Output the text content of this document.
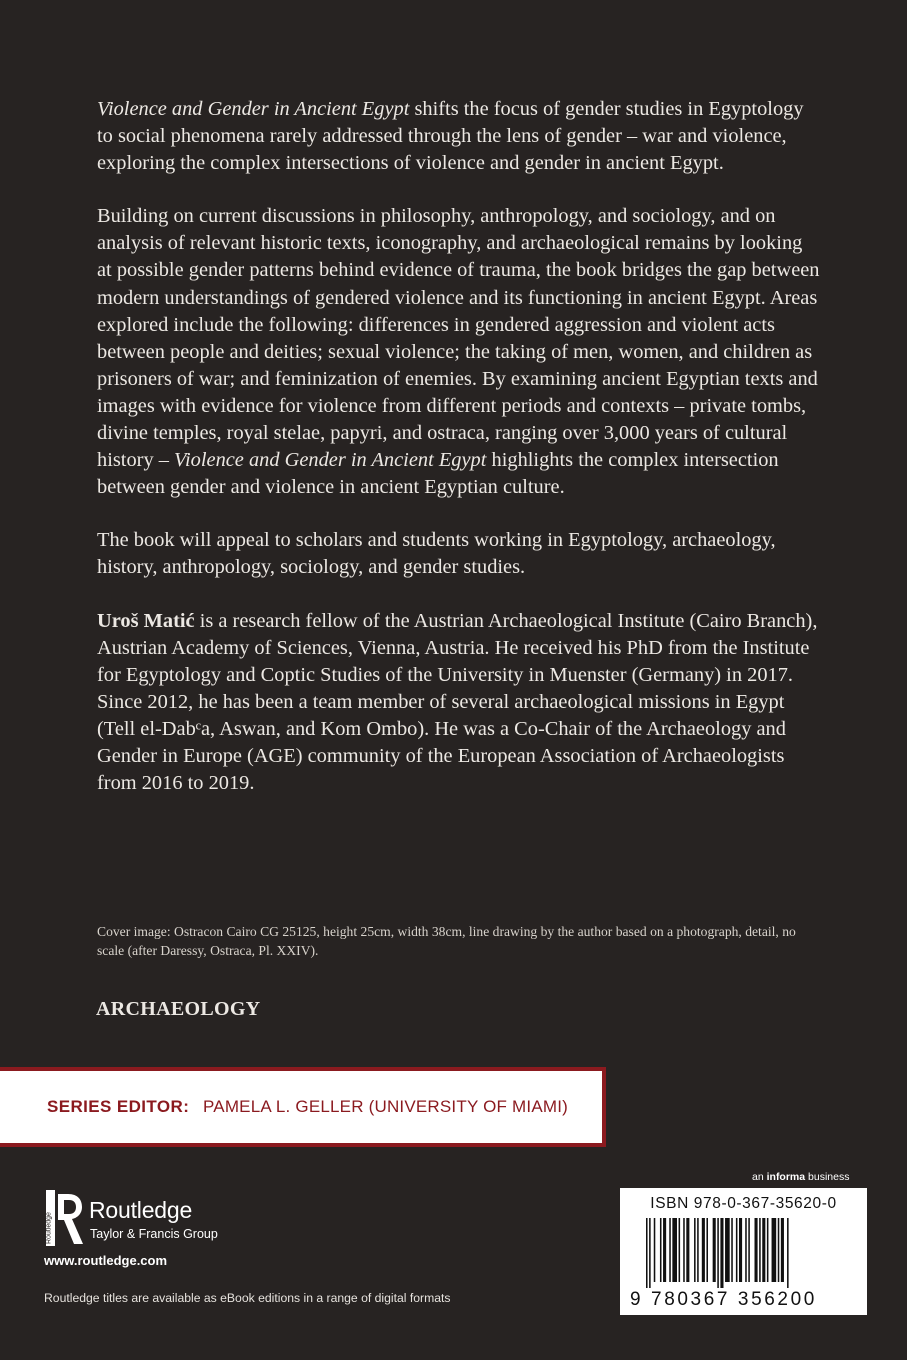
Violence and Gender in Ancient Egypt shifts the focus of gender studies in Egyptology to social phenomena rarely addressed through the lens of gender – war and violence, exploring the complex intersections of violence and gender in ancient Egypt.

Building on current discussions in philosophy, anthropology, and sociology, and on analysis of relevant historic texts, iconography, and archaeological remains by looking at possible gender patterns behind evidence of trauma, the book bridges the gap between modern understandings of gendered violence and its functioning in ancient Egypt. Areas explored include the following: differences in gendered aggression and violent acts between people and deities; sexual violence; the taking of men, women, and children as prisoners of war; and feminization of enemies. By examining ancient Egyptian texts and images with evidence for violence from different periods and contexts – private tombs, divine temples, royal stelae, papyri, and ostraca, ranging over 3,000 years of cultural history – Violence and Gender in Ancient Egypt highlights the complex intersection between gender and violence in ancient Egyptian culture.

The book will appeal to scholars and students working in Egyptology, archaeology, history, anthropology, sociology, and gender studies.

Uroš Matić is a research fellow of the Austrian Archaeological Institute (Cairo Branch), Austrian Academy of Sciences, Vienna, Austria. He received his PhD from the Institute for Egyptology and Coptic Studies of the University in Muenster (Germany) in 2017. Since 2012, he has been a team member of several archaeological missions in Egypt (Tell el-Dabᶜa, Aswan, and Kom Ombo). He was a Co-Chair of the Archaeology and Gender in Europe (AGE) community of the European Association of Archaeologists from 2016 to 2019.

Cover image: Ostracon Cairo CG 25125, height 25cm, width 38cm, line drawing by the author based on a photograph, detail, no scale (after Daressy, Ostraca, Pl. XXIV).
ARCHAEOLOGY
SERIES EDITOR: PAMELA L. GELLER (UNIVERSITY OF MIAMI)
Routledge
Routledge
Taylor & Francis Group
www.routledge.com
Routledge titles are available as eBook editions in a range of digital formats
an informa business
ISBN 978-0-367-35620-0
9 780367 356200
